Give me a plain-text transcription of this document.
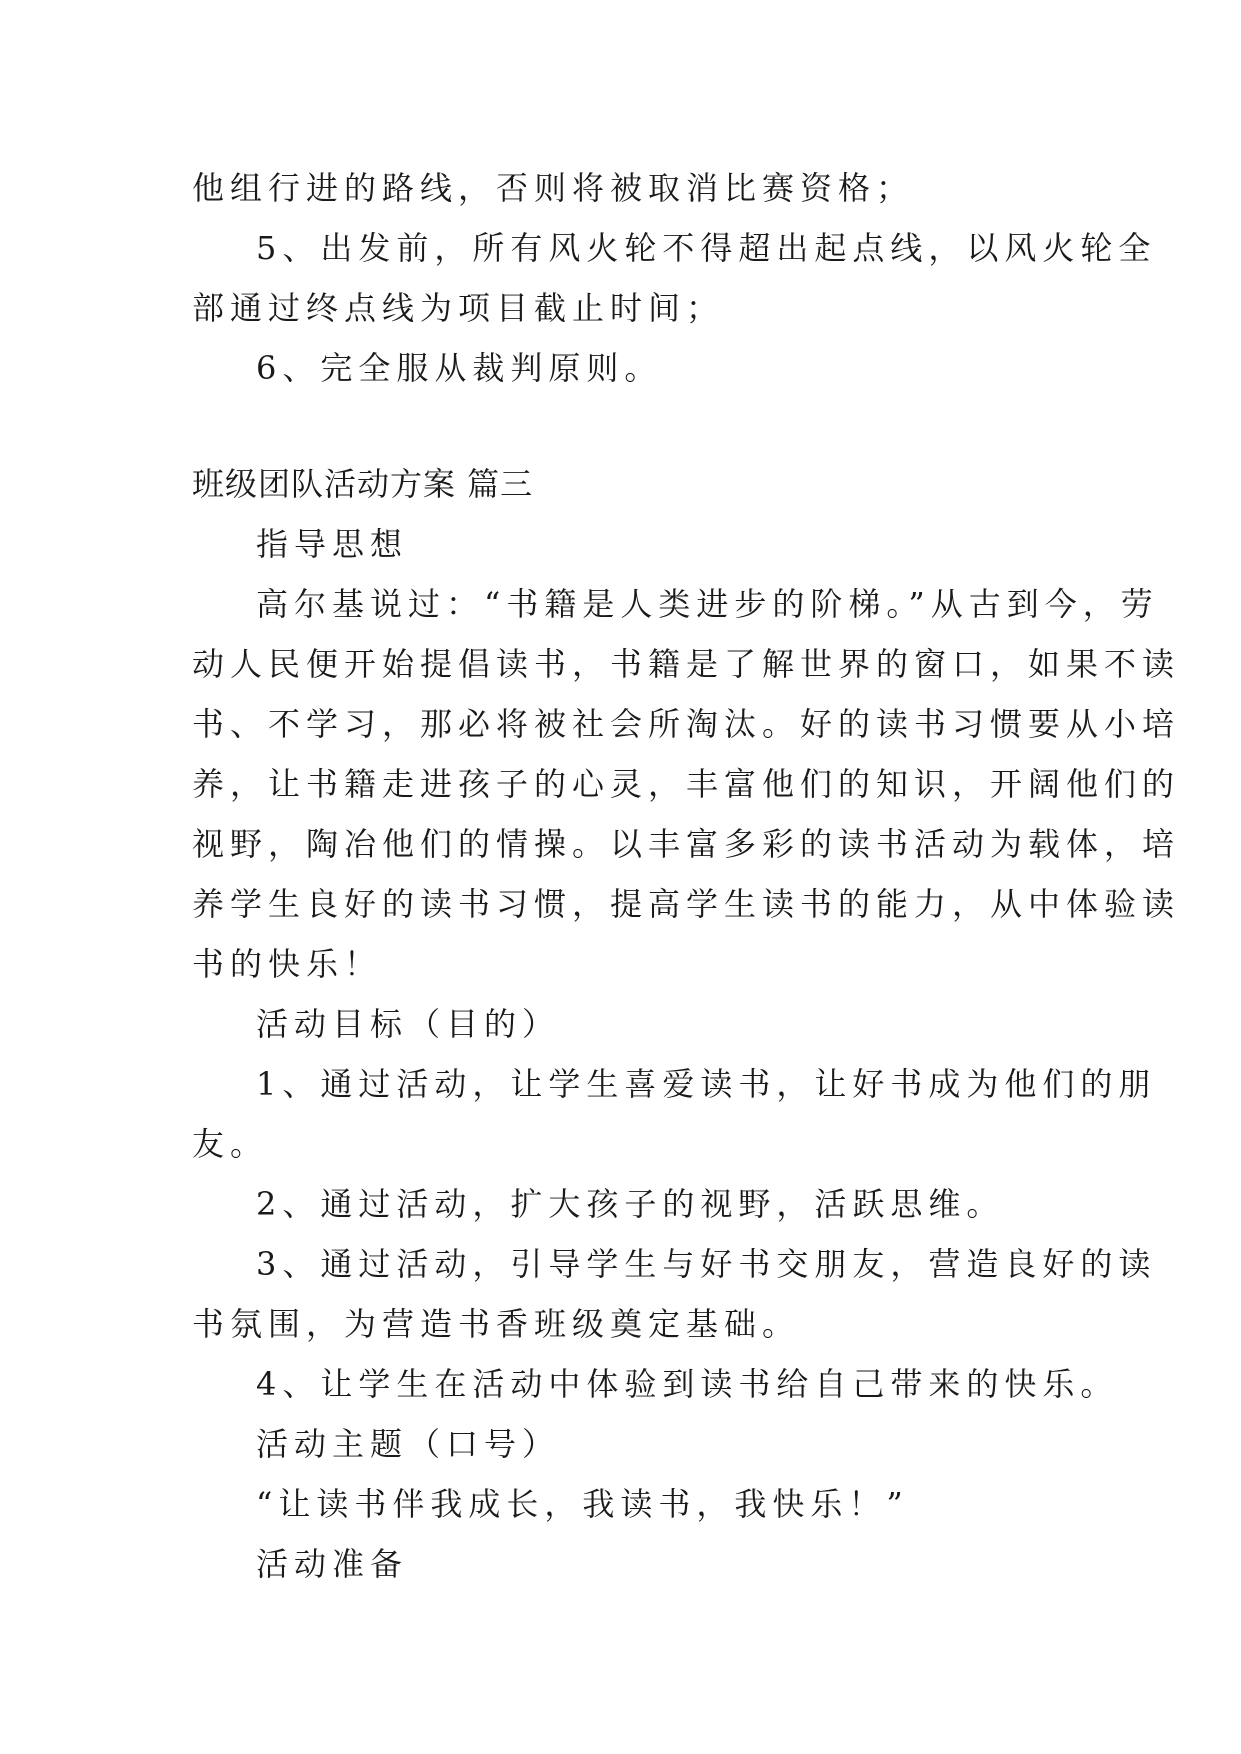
他组行进的路线，否则将被取消比赛资格；
5、出发前，所有风火轮不得超出起点线，以风火轮全
部通过终点线为项目截止时间；
6、完全服从裁判原则。
班级团队活动方案 篇三
指导思想
高尔基说过：“书籍是人类进步的阶梯。”从古到今，劳
动人民便开始提倡读书，书籍是了解世界的窗口，如果不读
书、不学习，那必将被社会所淘汰。好的读书习惯要从小培
养，让书籍走进孩子的心灵，丰富他们的知识，开阔他们的
视野，陶冶他们的情操。以丰富多彩的读书活动为载体，培
养学生良好的读书习惯，提高学生读书的能力，从中体验读
书的快乐！
活动目标（目的）
1、通过活动，让学生喜爱读书，让好书成为他们的朋
友。
2、通过活动，扩大孩子的视野，活跃思维。
3、通过活动，引导学生与好书交朋友，营造良好的读
书氛围，为营造书香班级奠定基础。
4、让学生在活动中体验到读书给自己带来的快乐。
活动主题（口号）
“让读书伴我成长，我读书，我快乐！”
活动准备
